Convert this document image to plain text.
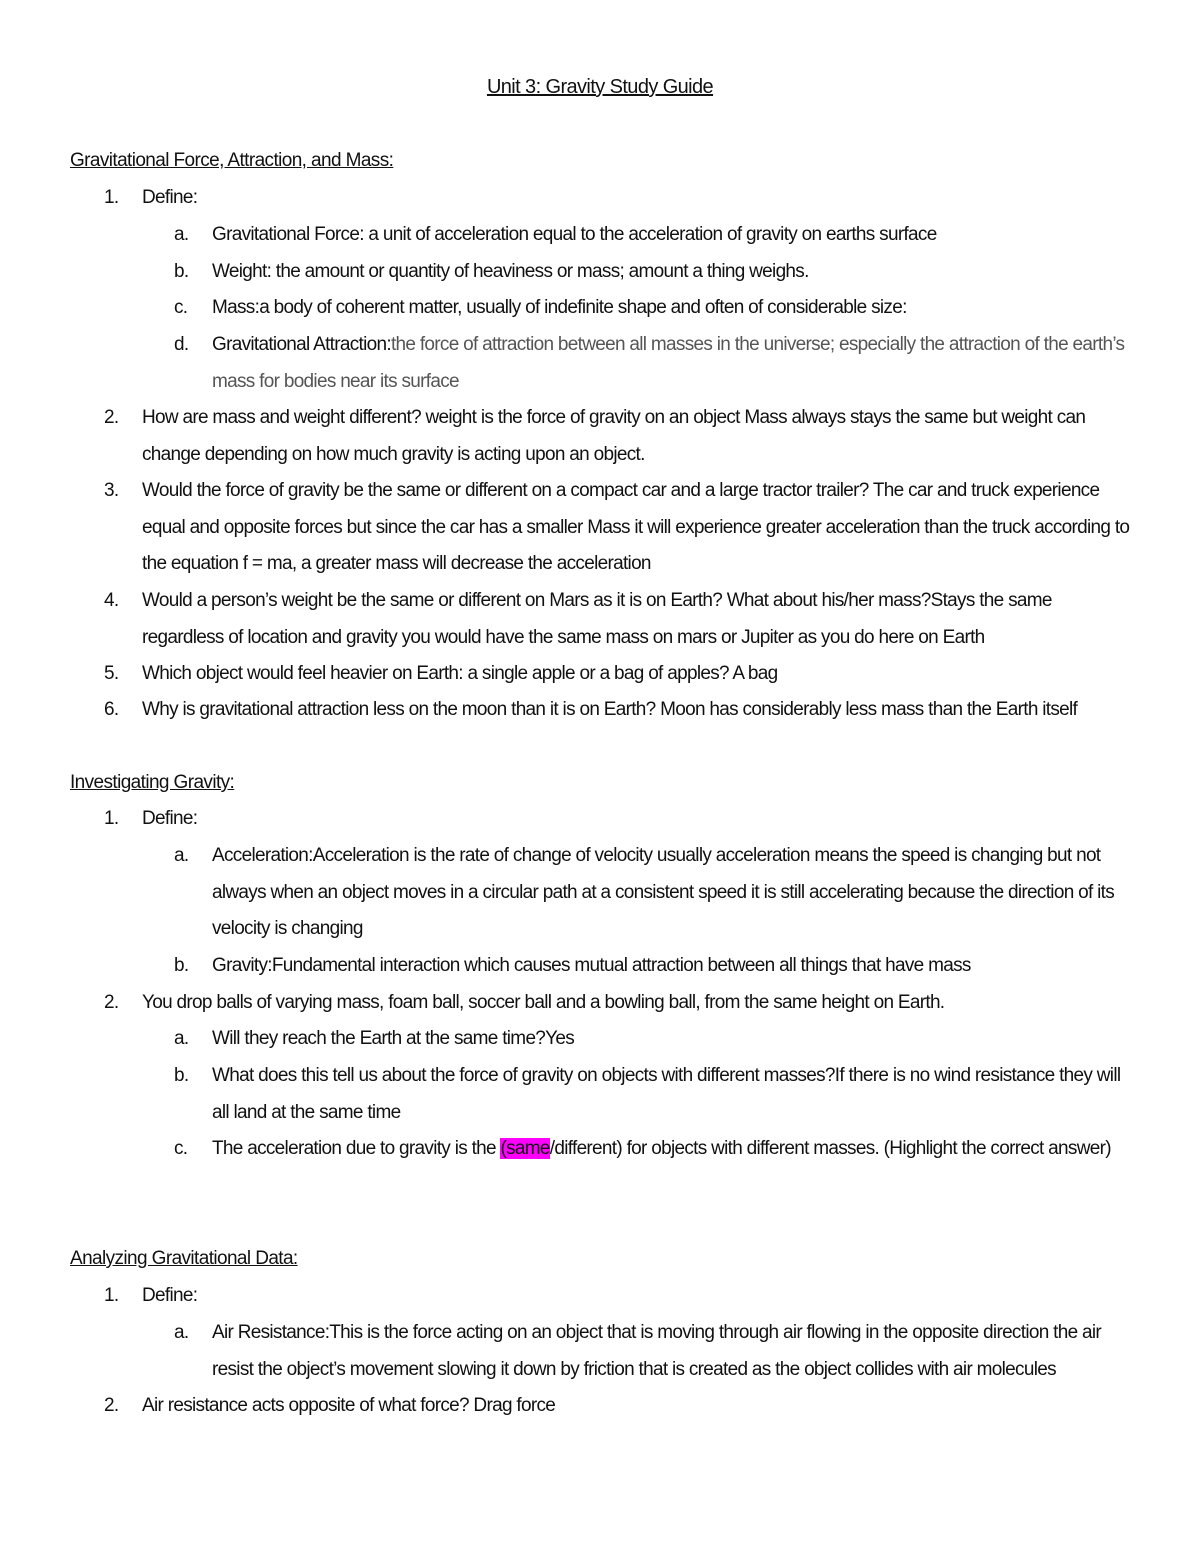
Unit 3: Gravity Study Guide
Gravitational Force, Attraction, and Mass:
1. Define:
a. Gravitational Force: a unit of acceleration equal to the acceleration of gravity on earths surface
b. Weight: the amount or quantity of heaviness or mass; amount a thing weighs.
c. Mass:a body of coherent matter, usually of indefinite shape and often of considerable size:
d. Gravitational Attraction:the force of attraction between all masses in the universe; especially the attraction of the earth’s mass for bodies near its surface
2. How are mass and weight different? weight is the force of gravity on an object Mass always stays the same but weight can change depending on how much gravity is acting upon an object.
3. Would the force of gravity be the same or different on a compact car and a large tractor trailer? The car and truck experience equal and opposite forces but since the car has a smaller Mass it will experience greater acceleration than the truck according to the equation f = ma, a greater mass will decrease the acceleration
4. Would a person’s weight be the same or different on Mars as it is on Earth? What about his/her mass?Stays the same regardless of location and gravity you would have the same mass on mars or Jupiter as you do here on Earth
5. Which object would feel heavier on Earth: a single apple or a bag of apples? A bag
6. Why is gravitational attraction less on the moon than it is on Earth? Moon has considerably less mass than the Earth itself
Investigating Gravity:
1. Define:
a. Acceleration:Acceleration is the rate of change of velocity usually acceleration means the speed is changing but not always when an object moves in a circular path at a consistent speed it is still accelerating because the direction of its velocity is changing
b. Gravity:Fundamental interaction which causes mutual attraction between all things that have mass
2. You drop balls of varying mass, foam ball, soccer ball and a bowling ball, from the same height on Earth.
a. Will they reach the Earth at the same time?Yes
b. What does this tell us about the force of gravity on objects with different masses?If there is no wind resistance they will all land at the same time
c. The acceleration due to gravity is the (same/different) for objects with different masses. (Highlight the correct answer)
Analyzing Gravitational Data:
1. Define:
a. Air Resistance:This is the force acting on an object that is moving through air flowing in the opposite direction the air resist the object’s movement slowing it down by friction that is created as the object collides with air molecules
2. Air resistance acts opposite of what force? Drag force
